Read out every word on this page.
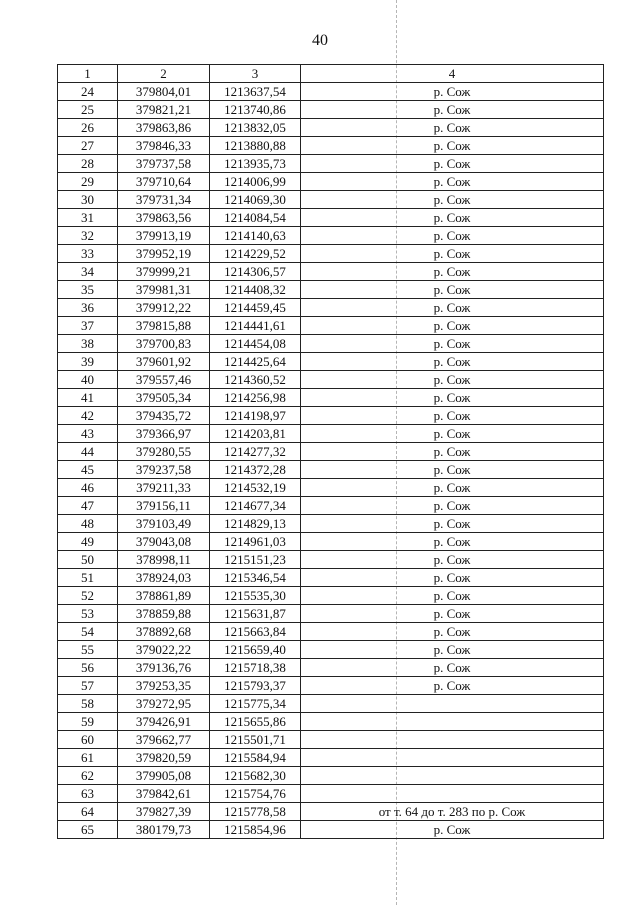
40
1	2	3	4
24	379804,01	1213637,54	р. Сож
25	379821,21	1213740,86	р. Сож
26	379863,86	1213832,05	р. Сож
27	379846,33	1213880,88	р. Сож
28	379737,58	1213935,73	р. Сож
29	379710,64	1214006,99	р. Сож
30	379731,34	1214069,30	р. Сож
31	379863,56	1214084,54	р. Сож
32	379913,19	1214140,63	р. Сож
33	379952,19	1214229,52	р. Сож
34	379999,21	1214306,57	р. Сож
35	379981,31	1214408,32	р. Сож
36	379912,22	1214459,45	р. Сож
37	379815,88	1214441,61	р. Сож
38	379700,83	1214454,08	р. Сож
39	379601,92	1214425,64	р. Сож
40	379557,46	1214360,52	р. Сож
41	379505,34	1214256,98	р. Сож
42	379435,72	1214198,97	р. Сож
43	379366,97	1214203,81	р. Сож
44	379280,55	1214277,32	р. Сож
45	379237,58	1214372,28	р. Сож
46	379211,33	1214532,19	р. Сож
47	379156,11	1214677,34	р. Сож
48	379103,49	1214829,13	р. Сож
49	379043,08	1214961,03	р. Сож
50	378998,11	1215151,23	р. Сож
51	378924,03	1215346,54	р. Сож
52	378861,89	1215535,30	р. Сож
53	378859,88	1215631,87	р. Сож
54	378892,68	1215663,84	р. Сож
55	379022,22	1215659,40	р. Сож
56	379136,76	1215718,38	р. Сож
57	379253,35	1215793,37	р. Сож
58	379272,95	1215775,34	
59	379426,91	1215655,86	
60	379662,77	1215501,71	
61	379820,59	1215584,94	
62	379905,08	1215682,30	
63	379842,61	1215754,76	
64	379827,39	1215778,58	от т. 64 до т. 283 по р. Сож
65	380179,73	1215854,96	р. Сож
